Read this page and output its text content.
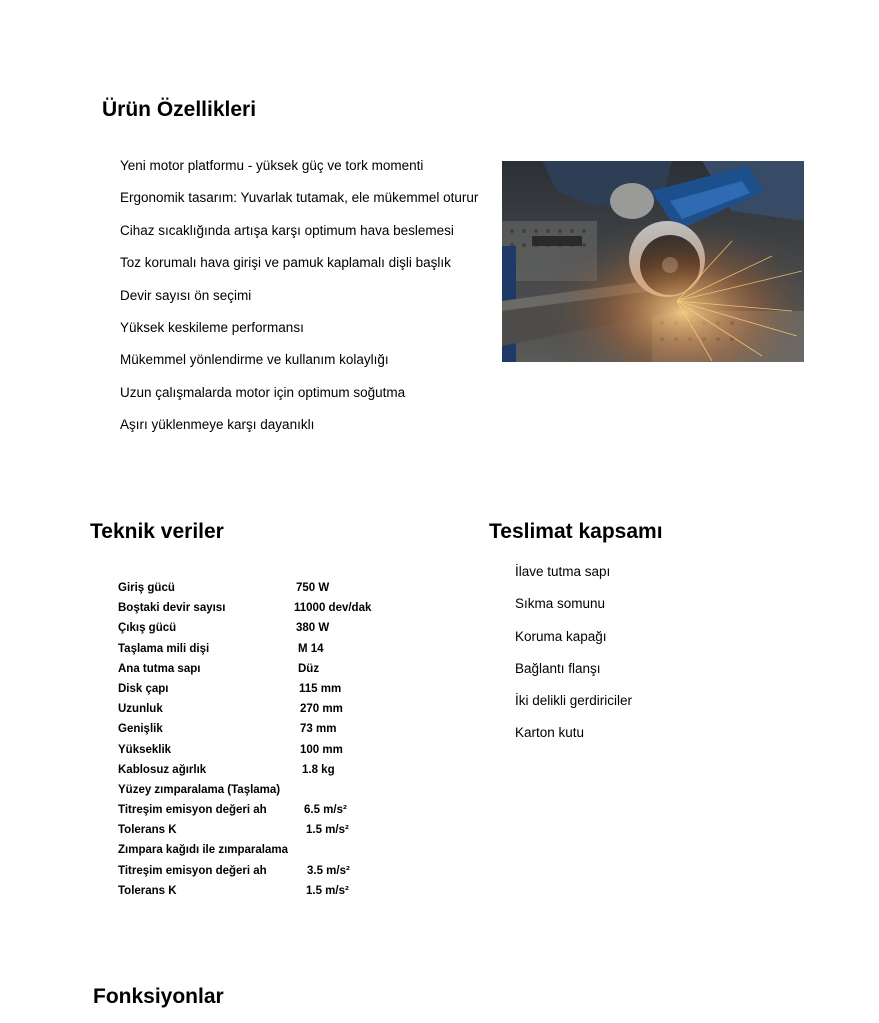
Ürün Özellikleri
Yeni motor platformu - yüksek güç ve tork momenti
Ergonomik tasarım: Yuvarlak tutamak, ele mükemmel oturur
Cihaz sıcaklığında artışa karşı optimum hava beslemesi
Toz korumalı hava girişi ve pamuk kaplamalı dişli başlık
Devir sayısı ön seçimi
Yüksek keskileme performansı
Mükemmel yönlendirme ve kullanım kolaylığı
Uzun çalışmalarda motor için optimum soğutma
Aşırı yüklenmeye karşı dayanıklı
Teknik veriler
Giriş gücü	750 W
Boştaki devir sayısı	11000 dev/dak
Çıkış gücü	380 W
Taşlama mili dişi	M 14
Ana tutma sapı	Düz
Disk çapı	115 mm
Uzunluk	270 mm
Genişlik	73 mm
Yükseklik	100 mm
Kablosuz ağırlık	1.8 kg
Yüzey zımparalama (Taşlama)
Titreşim emisyon değeri ah	6.5 m/s²
Tolerans K	1.5 m/s²
Zımpara kağıdı ile zımparalama
Titreşim emisyon değeri ah	3.5 m/s²
Tolerans K	1.5 m/s²
Teslimat kapsamı
İlave tutma sapı
Sıkma somunu
Koruma kapağı
Bağlantı flanşı
İki delikli gerdiriciler
Karton kutu
Fonksiyonlar
